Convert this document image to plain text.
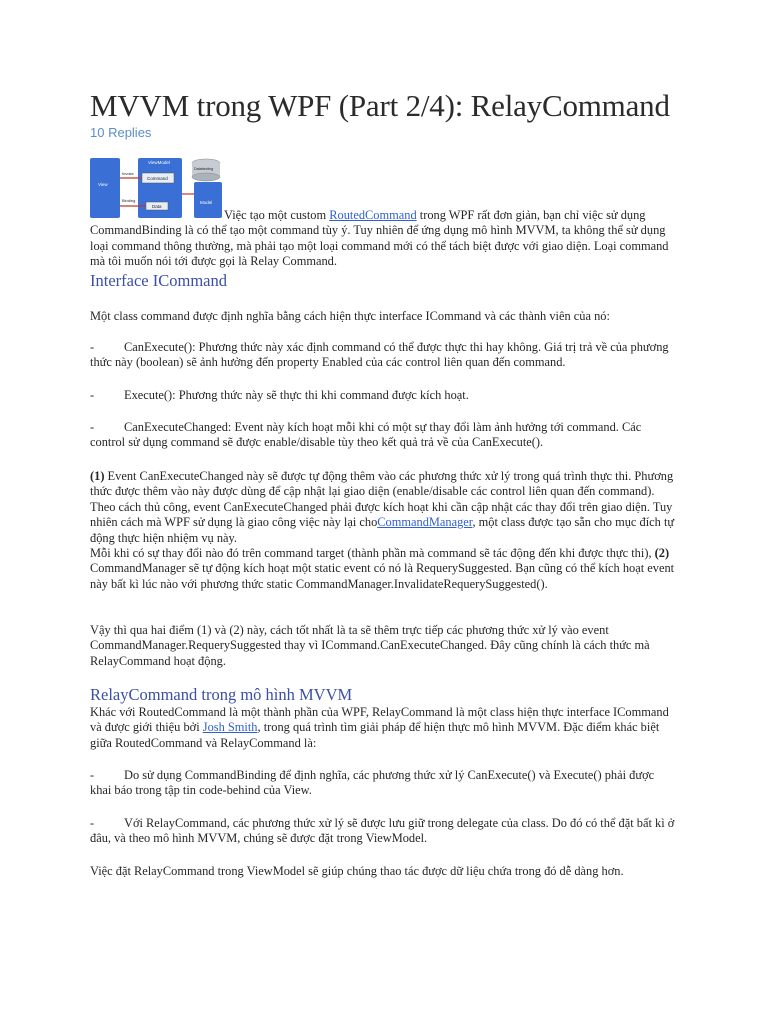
MVVM trong WPF (Part 2/4): RelayCommand
10 Replies
View
ViewModel
Command
Data
Invoke
Binding
Databinding
Model

Việc tạo một custom RoutedCommand trong WPF rất đơn giản, bạn chỉ việc sử dụng CommandBinding là có thể tạo một command tùy ý. Tuy nhiên để ứng dụng mô hình MVVM, ta không thể sử dụng loại command thông thường, mà phải tạo một loại command mới có thể tách biệt được với giao diện. Loại command mà tôi muốn nói tới được gọi là Relay Command.

Interface ICommand

Một class command được định nghĩa bằng cách hiện thực interface ICommand và các thành viên của nó:

- CanExecute(): Phương thức này xác định command có thể được thực thi hay không. Giá trị trả về của phương thức này (boolean) sẽ ảnh hưởng đến property Enabled của các control liên quan đến command.

- Execute(): Phương thức này sẽ thực thi khi command được kích hoạt.

- CanExecuteChanged: Event này kích hoạt mỗi khi có một sự thay đổi làm ảnh hưởng tới command. Các control sử dụng command sẽ được enable/disable tùy theo kết quả trả về của CanExecute().

(1) Event CanExecuteChanged này sẽ được tự động thêm vào các phương thức xử lý trong quá trình thực thi. Phương thức được thêm vào này được dùng để cập nhật lại giao diện (enable/disable các control liên quan đến command).
Theo cách thủ công, event CanExecuteChanged phải được kích hoạt khi cần cập nhật các thay đổi trên giao diện. Tuy nhiên cách mà WPF sử dụng là giao công việc này lại choCommandManager, một class được tạo sẵn cho mục đích tự động thực hiện nhiệm vụ này.
Mỗi khi có sự thay đổi nào đó trên command target (thành phần mà command sẽ tác động đến khi được thực thi), (2) CommandManager sẽ tự động kích hoạt một static event có nó là RequerySuggested. Bạn cũng có thể kích hoạt event này bất kì lúc nào với phương thức static CommandManager.InvalidateRequerySuggested().

Vậy thì qua hai điểm (1) và (2) này, cách tốt nhất là ta sẽ thêm trực tiếp các phương thức xử lý vào event CommandManager.RequerySuggested thay vì ICommand.CanExecuteChanged. Đây cũng chính là cách thức mà RelayCommand hoạt động.

RelayCommand trong mô hình MVVM

Khác với RoutedCommand là một thành phần của WPF, RelayCommand là một class hiện thực interface ICommand và được giới thiệu bởi Josh Smith, trong quá trình tìm giải pháp để hiện thực mô hình MVVM. Đặc điểm khác biệt giữa RoutedCommand và RelayCommand là:

- Do sử dụng CommandBinding để định nghĩa, các phương thức xử lý CanExecute() và Execute() phải được khai báo trong tập tin code-behind của View.

- Với RelayCommand, các phương thức xử lý sẽ được lưu giữ trong delegate của class. Do đó có thể đặt bất kì ở đâu, và theo mô hình MVVM, chúng sẽ được đặt trong ViewModel.

Việc đặt RelayCommand trong ViewModel sẽ giúp chúng thao tác được dữ liệu chứa trong đó dễ dàng hơn.
